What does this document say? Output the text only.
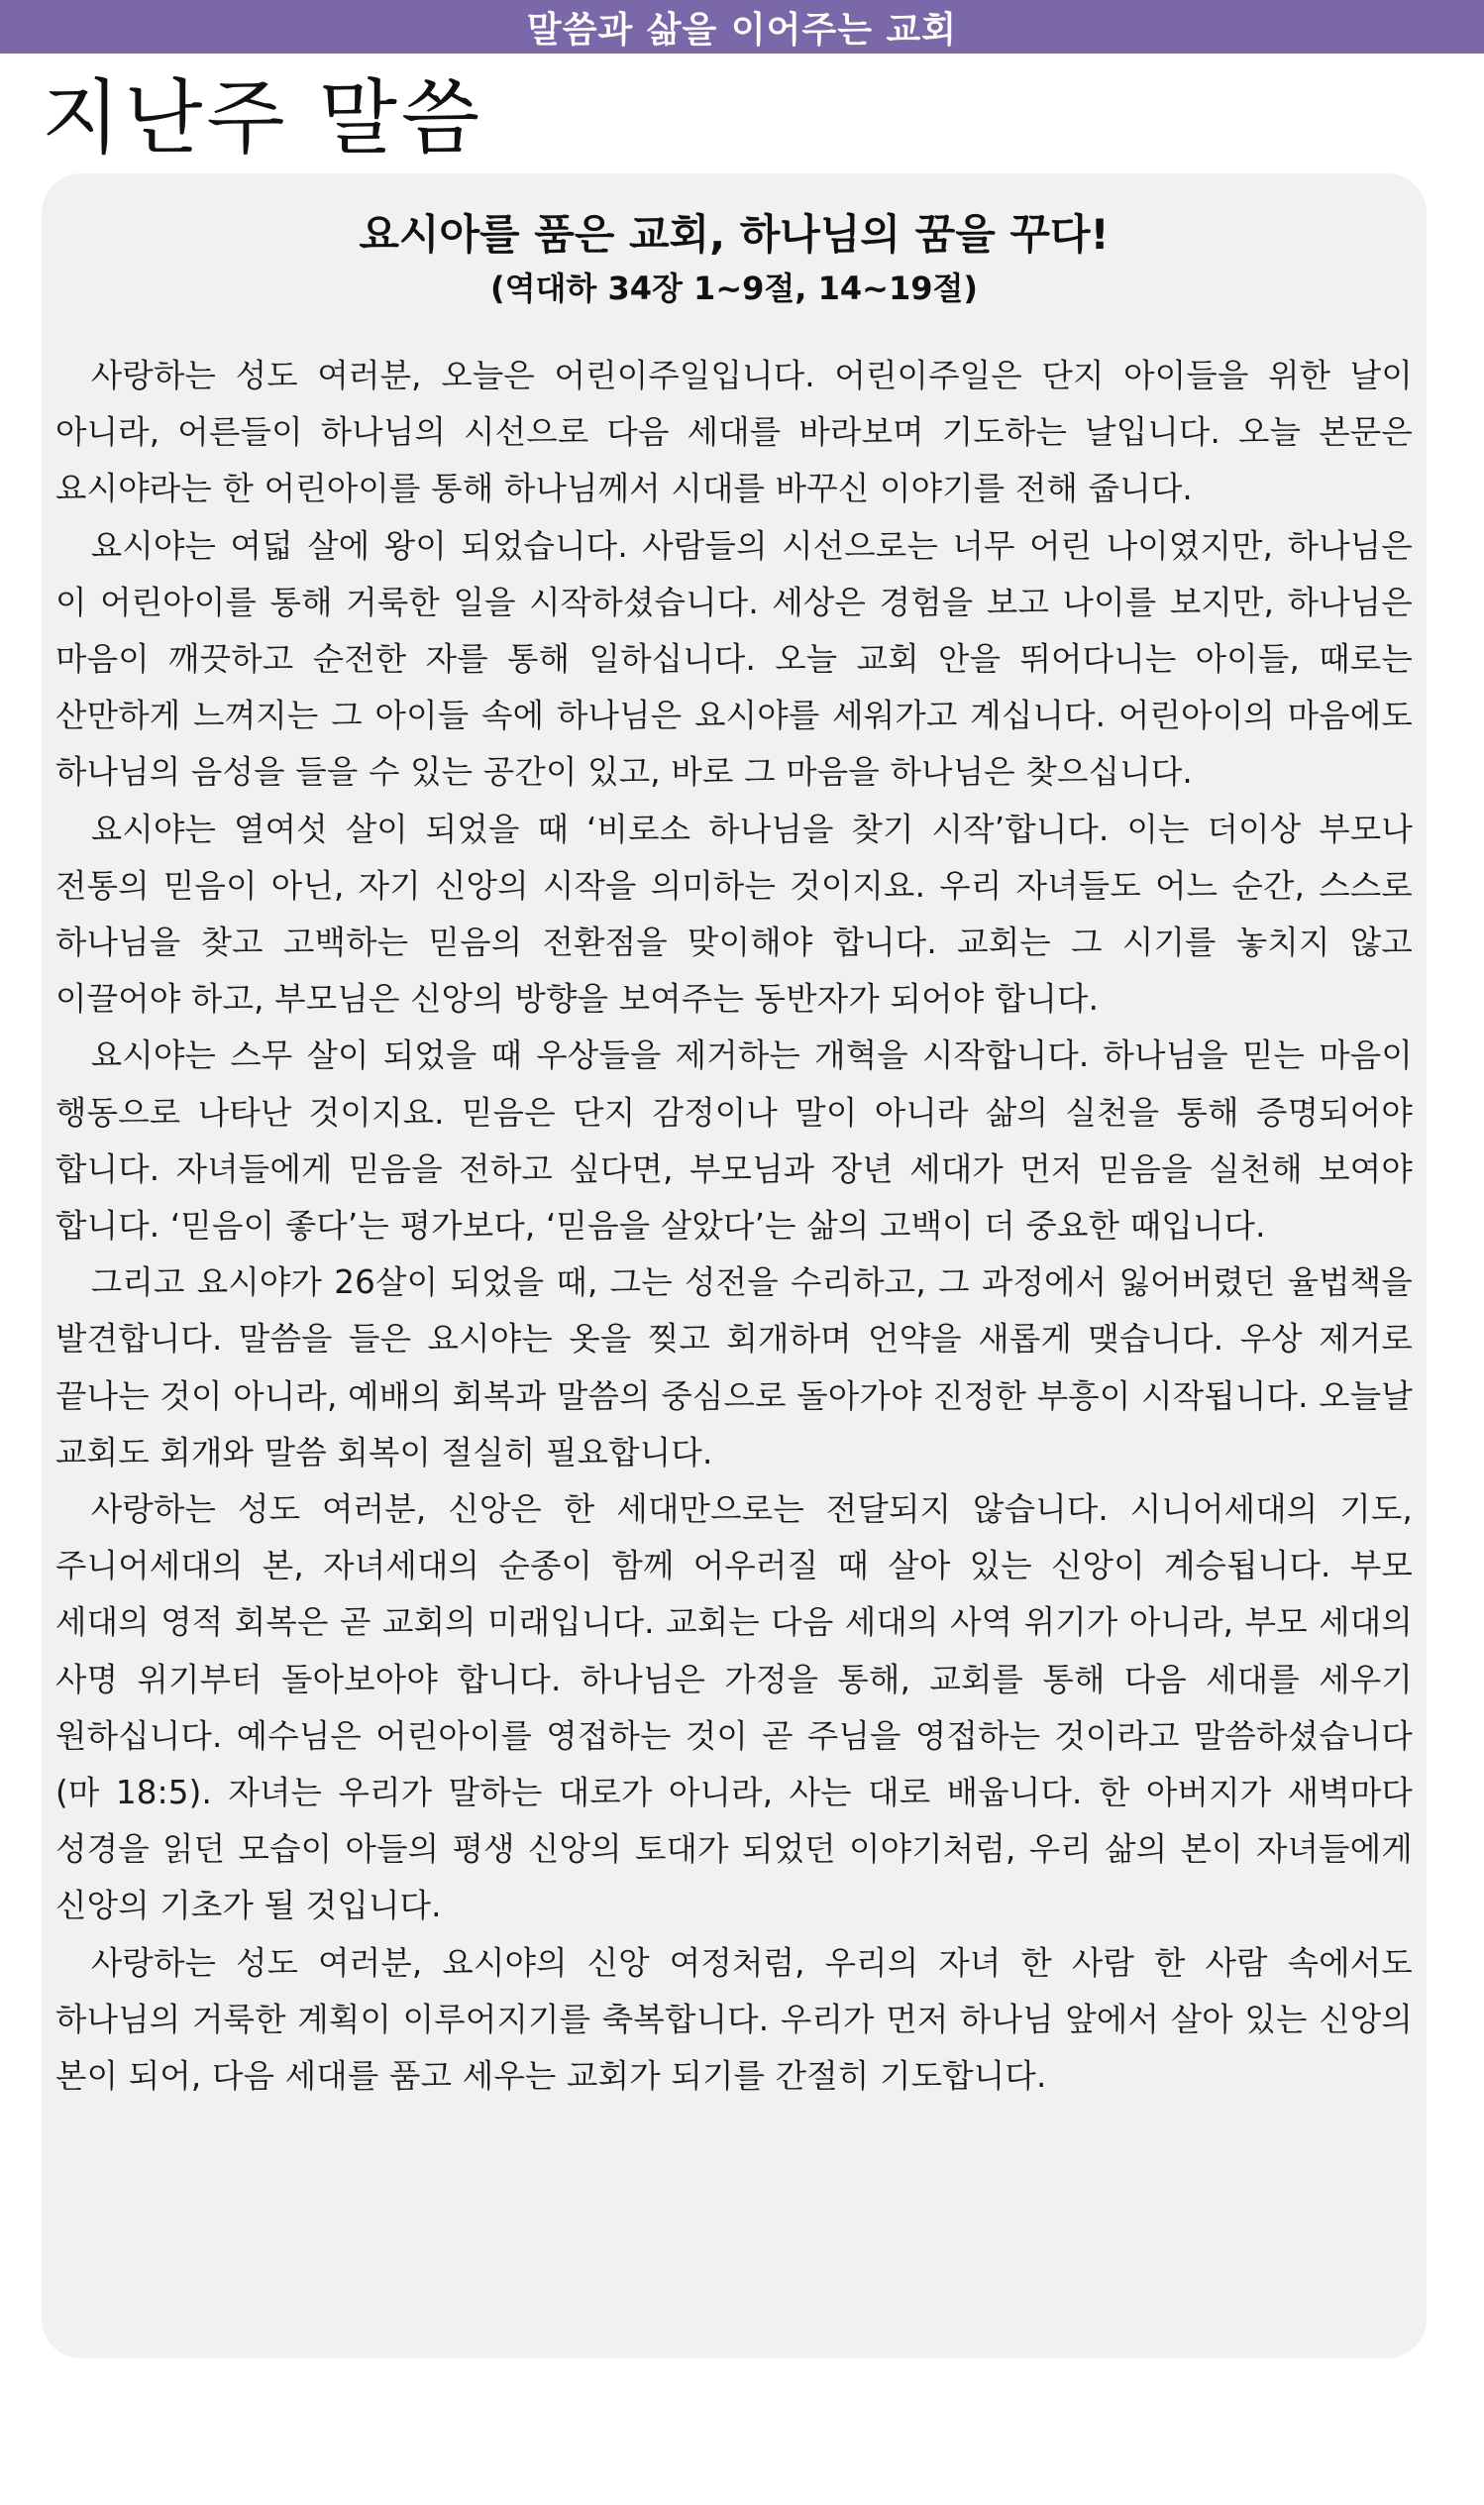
말씀과 삶을 이어주는 교회
지난주 말씀
요시아를 품은 교회, 하나님의 꿈을 꾸다!
(역대하 34장 1~9절, 14~19절)

사랑하는 성도 여러분, 오늘은 어린이주일입니다. 어린이주일은 단지 아이들을 위한 날이 아니라, 어른들이 하나님의 시선으로 다음 세대를 바라보며 기도하는 날입니다. 오늘 본문은 요시야라는 한 어린아이를 통해 하나님께서 시대를 바꾸신 이야기를 전해 줍니다.

요시야는 여덟 살에 왕이 되었습니다. 사람들의 시선으로는 너무 어린 나이였지만, 하나님은 이 어린아이를 통해 거룩한 일을 시작하셨습니다. 세상은 경험을 보고 나이를 보지만, 하나님은 마음이 깨끗하고 순전한 자를 통해 일하십니다. 오늘 교회 안을 뛰어다니는 아이들, 때로는 산만하게 느껴지는 그 아이들 속에 하나님은 요시야를 세워가고 계십니다. 어린아이의 마음에도 하나님의 음성을 들을 수 있는 공간이 있고, 바로 그 마음을 하나님은 찾으십니다.

요시야는 열여섯 살이 되었을 때 ‘비로소 하나님을 찾기 시작’합니다. 이는 더이상 부모나 전통의 믿음이 아닌, 자기 신앙의 시작을 의미하는 것이지요. 우리 자녀들도 어느 순간, 스스로 하나님을 찾고 고백하는 믿음의 전환점을 맞이해야 합니다. 교회는 그 시기를 놓치지 않고 이끌어야 하고, 부모님은 신앙의 방향을 보여주는 동반자가 되어야 합니다.

요시야는 스무 살이 되었을 때 우상들을 제거하는 개혁을 시작합니다. 하나님을 믿는 마음이 행동으로 나타난 것이지요. 믿음은 단지 감정이나 말이 아니라 삶의 실천을 통해 증명되어야 합니다. 자녀들에게 믿음을 전하고 싶다면, 부모님과 장년 세대가 먼저 믿음을 실천해 보여야 합니다. ‘믿음이 좋다’는 평가보다, ‘믿음을 살았다’는 삶의 고백이 더 중요한 때입니다.

그리고 요시야가 26살이 되었을 때, 그는 성전을 수리하고, 그 과정에서 잃어버렸던 율법책을 발견합니다. 말씀을 들은 요시야는 옷을 찢고 회개하며 언약을 새롭게 맺습니다. 우상 제거로 끝나는 것이 아니라, 예배의 회복과 말씀의 중심으로 돌아가야 진정한 부흥이 시작됩니다. 오늘날 교회도 회개와 말씀 회복이 절실히 필요합니다.

사랑하는 성도 여러분, 신앙은 한 세대만으로는 전달되지 않습니다. 시니어세대의 기도, 주니어세대의 본, 자녀세대의 순종이 함께 어우러질 때 살아 있는 신앙이 계승됩니다. 부모 세대의 영적 회복은 곧 교회의 미래입니다. 교회는 다음 세대의 사역 위기가 아니라, 부모 세대의 사명 위기부터 돌아보아야 합니다. 하나님은 가정을 통해, 교회를 통해 다음 세대를 세우기 원하십니다. 예수님은 어린아이를 영접하는 것이 곧 주님을 영접하는 것이라고 말씀하셨습니다(마 18:5). 자녀는 우리가 말하는 대로가 아니라, 사는 대로 배웁니다. 한 아버지가 새벽마다 성경을 읽던 모습이 아들의 평생 신앙의 토대가 되었던 이야기처럼, 우리 삶의 본이 자녀들에게 신앙의 기초가 될 것입니다.

사랑하는 성도 여러분, 요시야의 신앙 여정처럼, 우리의 자녀 한 사람 한 사람 속에서도 하나님의 거룩한 계획이 이루어지기를 축복합니다. 우리가 먼저 하나님 앞에서 살아 있는 신앙의 본이 되어, 다음 세대를 품고 세우는 교회가 되기를 간절히 기도합니다.
